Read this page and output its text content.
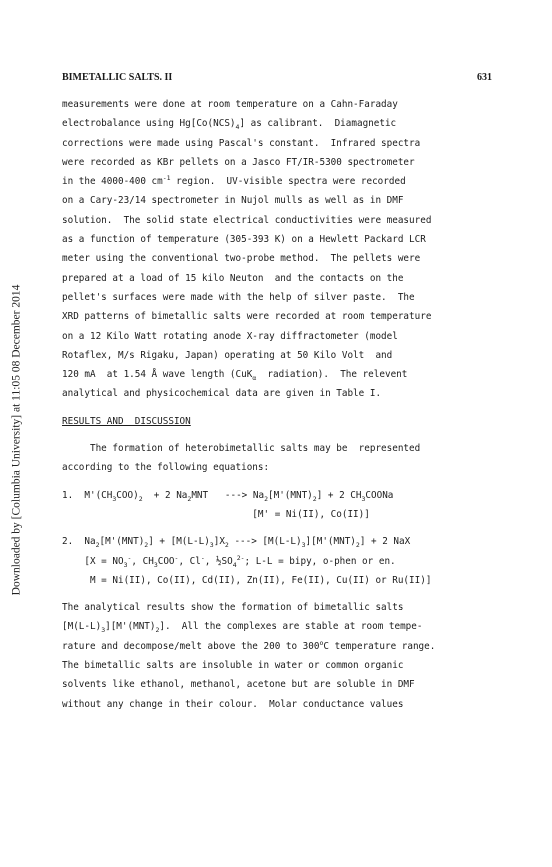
Downloaded by [Columbia University] at 11:05 08 December 2014
BIMETALLIC SALTS. II	631
measurements were done at room temperature on a Cahn-Faraday
electrobalance using $Hg[Co(NCS)_4]$ as calibrant.  Diamagnetic
corrections were made using Pascal's constant.  Infrared spectra
were recorded as KBr pellets on a Jasco FT/IR-5300 spectrometer
in the 4000-400 $cm^{-1}$ region.  UV-visible spectra were recorded
on a Cary-23/14 spectrometer in Nujol mulls as well as in DMF
solution.  The solid state electrical conductivities were measured
as a function of temperature (305-393 K) on a Hewlett Packard LCR
meter using the conventional two-probe method.  The pellets were
prepared at a load of 15 kilo Neuton  and the contacts on the
pellet's surfaces were made with the help of silver paste.  The
XRD patterns of bimetallic salts were recorded at room temperature
on a 12 Kilo Watt rotating anode X-ray diffractometer (model
Rotaflex, M/s Rigaku, Japan) operating at 50 Kilo Volt  and
120 mA  at 1.54 Å wave length (CuK$_\alpha$  radiation).  The relevent
analytical and physicochemical data are given in Table I.
RESULTS AND  DISCUSSION
The formation of heterobimetallic salts may be  represented
according to the following equations:
1.  $M'(CH_3COO)_2 + 2$ $Na_2MNT$   ---> $Na_2[M'(MNT)_2] + 2$ $CH_3COONa$
[M' = Ni(II), Co(II)]
2.  $Na_2[M'(MNT)_2] + [M(L-L)_3]X_2$ ---> $[M(L-L)_3][M'(MNT)_2] + 2$ NaX
[$X = NO_3^-$, $CH_3COO^-$, Cl-, $\frac{1}{2}SO_4^{2-}$; L-L = bipy, o-phen or en.
M = Ni(II), Co(II), Cd(II), Zn(II), Fe(II), Cu(II) or Ru(II)]
The analytical results show the formation of bimetallic salts
$[M(L-L)_3][M'(MNT)_2]$.  All the complexes are stable at room tempe-
rature and decompose/melt above the 200 to 300$^o$C temperature range.
The bimetallic salts are insoluble in water or common organic
solvents like ethanol, methanol, acetone but are soluble in DMF
without any change in their colour.  Molar conductance values
